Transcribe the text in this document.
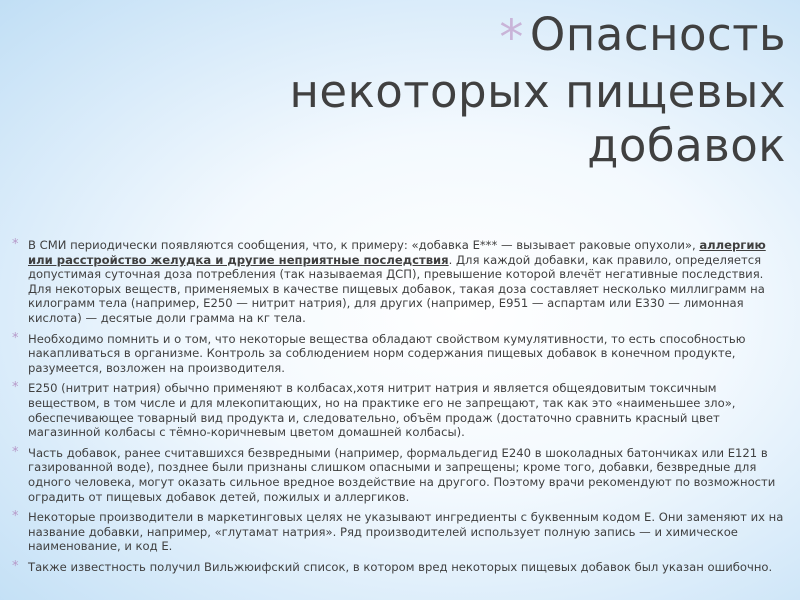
* Опасность
некоторых пищевых
добавок

* В СМИ периодически появляются сообщения, что, к примеру: «добавка Е*** — вызывает раковые опухоли», аллергию или расстройство желудка и другие неприятные последствия. Для каждой добавки, как правило, определяется допустимая суточная доза потребления (так называемая ДСП), превышение которой влечёт негативные последствия. Для некоторых веществ, применяемых в качестве пищевых добавок, такая доза составляет несколько миллиграмм на килограмм тела (например, Е250 — нитрит натрия), для других (например, Е951 — аспартам или Е330 — лимонная кислота) — десятые доли грамма на кг тела.

* Необходимо помнить и о том, что некоторые вещества обладают свойством кумулятивности, то есть способностью накапливаться в организме. Контроль за соблюдением норм содержания пищевых добавок в конечном продукте, разумеется, возложен на производителя.

* Е250 (нитрит натрия) обычно применяют в колбасах,хотя нитрит натрия и является общеядовитым токсичным веществом, в том числе и для млекопитающих, но на практике его не запрещают, так как это «наименьшее зло», обеспечивающее товарный вид продукта и, следовательно, объём продаж (достаточно сравнить красный цвет магазинной колбасы с тёмно-коричневым цветом домашней колбасы).

* Часть добавок, ранее считавшихся безвредными (например, формальдегид Е240 в шоколадных батончиках или Е121 в газированной воде), позднее были признаны слишком опасными и запрещены; кроме того, добавки, безвредные для одного человека, могут оказать сильное вредное воздействие на другого. Поэтому врачи рекомендуют по возможности оградить от пищевых добавок детей, пожилых и аллергиков.

* Некоторые производители в маркетинговых целях не указывают ингредиенты с буквенным кодом Е. Они заменяют их на название добавки, например, «глутамат натрия». Ряд производителей использует полную запись — и химическое наименование, и код Е.

* Также известность получил Вильжюифский список, в котором вред некоторых пищевых добавок был указан ошибочно.
